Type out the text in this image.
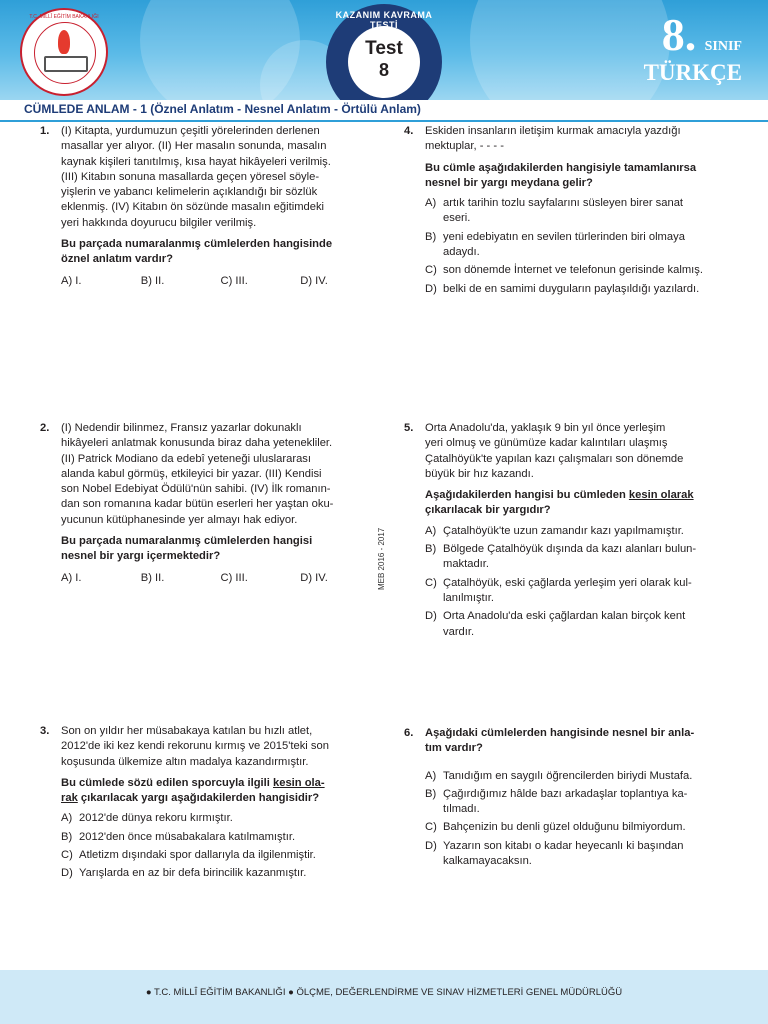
T.C. MİLLÎ EĞİTİM BAKANLIĞI	KAZANIM KAVRAMA TESTİ
Test
8
8. SINIF
TÜRKÇE
CÜMLEDE ANLAM - 1 (Öznel Anlatım - Nesnel Anlatım - Örtülü Anlam)
1. (I) Kitapta, yurdumuzun çeşitli yörelerinden derlenen
masallar yer alıyor. (II) Her masalın sonunda, masalın
kaynak kişileri tanıtılmış, kısa hayat hikâyeleri verilmiş.
(III) Kitabın sonuna masallarda geçen yöresel söyle-
yişlerin ve yabancı kelimelerin açıklandığı bir sözlük
eklenmiş. (IV) Kitabın ön sözünde masalın eğitimdeki
yeri hakkında doyurucu bilgiler verilmiş.
Bu parçada numaralanmış cümlelerden hangisinde
öznel anlatım vardır?
A) I.	B) II.	C) III.	D) IV.
2. (I) Nedendir bilinmez, Fransız yazarlar dokunaklı
hikâyeleri anlatmak konusunda biraz daha yetenekliler.
(II) Patrick Modiano da edebî yeteneği uluslararası
alanda kabul görmüş, etkileyici bir yazar. (III) Kendisi
son Nobel Edebiyat Ödülü'nün sahibi. (IV) İlk romanın-
dan son romanına kadar bütün eserleri her yaştan oku-
yucunun kütüphanesinde yer almayı hak ediyor.
Bu parçada numaralanmış cümlelerden hangisi
nesnel bir yargı içermektedir?
A) I.	B) II.	C) III.	D) IV.
3. Son on yıldır her müsabakaya katılan bu hızlı atlet,
2012'de iki kez kendi rekorunu kırmış ve 2015'teki son
koşusunda ülkemize altın madalya kazandırmıştır.
Bu cümlede sözü edilen sporcuyla ilgili kesin ola-
rak çıkarılacak yargı aşağıdakilerden hangisidir?
A) 2012'de dünya rekoru kırmıştır.
B) 2012'den önce müsabakalara katılmamıştır.
C) Atletizm dışındaki spor dallarıyla da ilgilenmiştir.
D) Yarışlarda en az bir defa birincilik kazanmıştır.
MEB 2016 - 2017
4. Eskiden insanların iletişim kurmak amacıyla yazdığı
mektuplar, - - - -
Bu cümle aşağıdakilerden hangisiyle tamamlanırsa
nesnel bir yargı meydana gelir?
A) artık tarihin tozlu sayfalarını süsleyen birer sanat
eseri.
B) yeni edebiyatın en sevilen türlerinden biri olmaya
adaydı.
C) son dönemde İnternet ve telefonun gerisinde kalmış.
D) belki de en samimi duyguların paylaşıldığı yazılardı.
5. Orta Anadolu'da, yaklaşık 9 bin yıl önce yerleşim
yeri olmuş ve günümüze kadar kalıntıları ulaşmış
Çatalhöyük'te yapılan kazı çalışmaları son dönemde
büyük bir hız kazandı.
Aşağıdakilerden hangisi bu cümleden kesin olarak
çıkarılacak bir yargıdır?
A) Çatalhöyük'te uzun zamandır kazı yapılmamıştır.
B) Bölgede Çatalhöyük dışında da kazı alanları bulun-
maktadır.
C) Çatalhöyük, eski çağlarda yerleşim yeri olarak kul-
lanılmıştır.
D) Orta Anadolu'da eski çağlardan kalan birçok kent
vardır.
6. Aşağıdaki cümlelerden hangisinde nesnel bir anla-
tım vardır?
A) Tanıdığım en saygılı öğrencilerden biriydi Mustafa.
B) Çağırdığımız hâlde bazı arkadaşlar toplantıya ka-
tılmadı.
C) Bahçenizin bu denli güzel olduğunu bilmiyordum.
D) Yazarın son kitabı o kadar heyecanlı ki başından
kalkamayacaksın.
● T.C. MİLLÎ EĞİTİM BAKANLIĞI ● ÖLÇME, DEĞERLENDİRME VE SINAV HİZMETLERİ GENEL MÜDÜRLÜĞÜ
